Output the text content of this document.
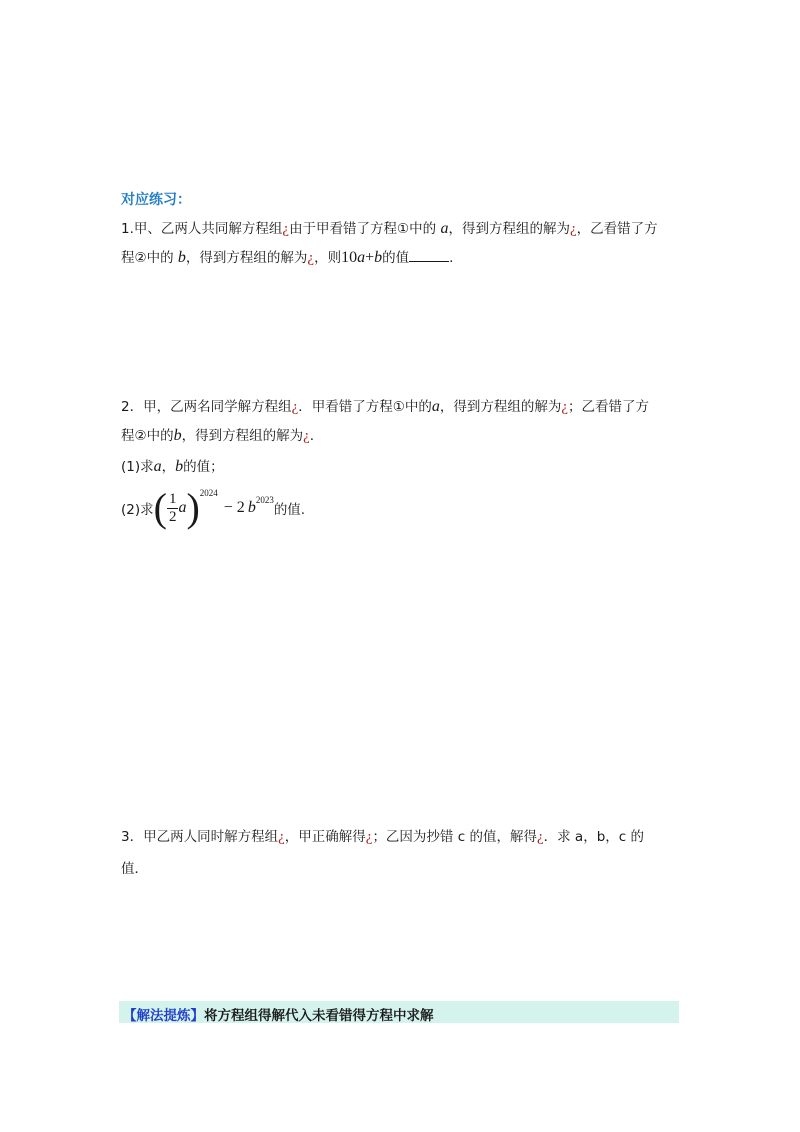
对应练习：
1.甲、乙两人共同解方程组¿由于甲看错了方程①中的 a，得到方程组的解为¿，乙看错了方
程②中的 b，得到方程组的解为¿，则10a+b的值	.
2．甲，乙两名同学解方程组¿．甲看错了方程①中的a，得到方程组的解为¿；乙看错了方
程②中的b，得到方程组的解为¿.
(1)求a，b的值；
(2)求( $\frac{1}{2} a)^{2024}- 2$ $b^{2023}$的值.
3．甲乙两人同时解方程组¿，甲正确解得¿；乙因为抄错 c 的值，解得¿．求 a，b，c 的
值．
【解法提炼】将方程组得解代入未看错得方程中求解
